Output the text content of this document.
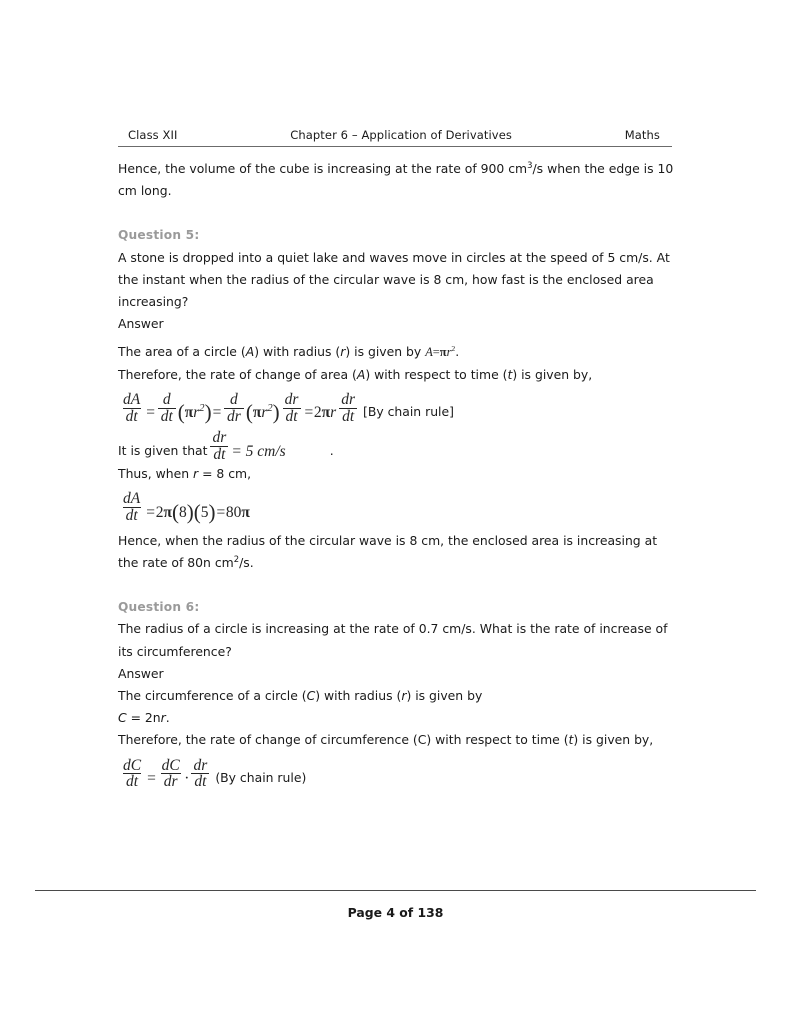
Class XII	Chapter 6 – Application of Derivatives	Maths

Hence, the volume of the cube is increasing at the rate of 900 $cm^3/s$ when the edge is 10 cm long.

Question 5:

A stone is dropped into a quiet lake and waves move in circles at the speed of 5 cm/s. At the instant when the radius of the circular wave is 8 cm, how fast is the enclosed area increasing?

Answer

The area of a circle (A) with radius (r) is given by $A=\pi r^2$.

Therefore, the rate of change of area (A) with respect to time (t) is given by,

$\frac{dA}{dt} = \frac{d}{dt} (\pi r^2) = \frac{d}{dr} (\pi r^2) \frac{dr}{dt} = 2\pi r \frac{dr}{dt} [By$ chain rule]
It is given that $\frac{dr}{dt} = 5$ cm/s	.

Thus, when r = 8 cm,

$\frac{dA}{dt} = 2\pi(8)(5) = 80\pi$

Hence, when the radius of the circular wave is 8 cm, the enclosed area is increasing at the rate of 80n $cm^2/s$.

Question 6:

The radius of a circle is increasing at the rate of 0.7 cm/s. What is the rate of increase of its circumference?

Answer

The circumference of a circle (C) with radius (r) is given by

C = 2nr.

Therefore, the rate of change of circumference (C) with respect to time (t) is given by,

$\frac{dC}{dt} = \frac{dC}{dr} \cdot \frac{dr}{dt} (By$ chain rule)
Page 4 of 138
